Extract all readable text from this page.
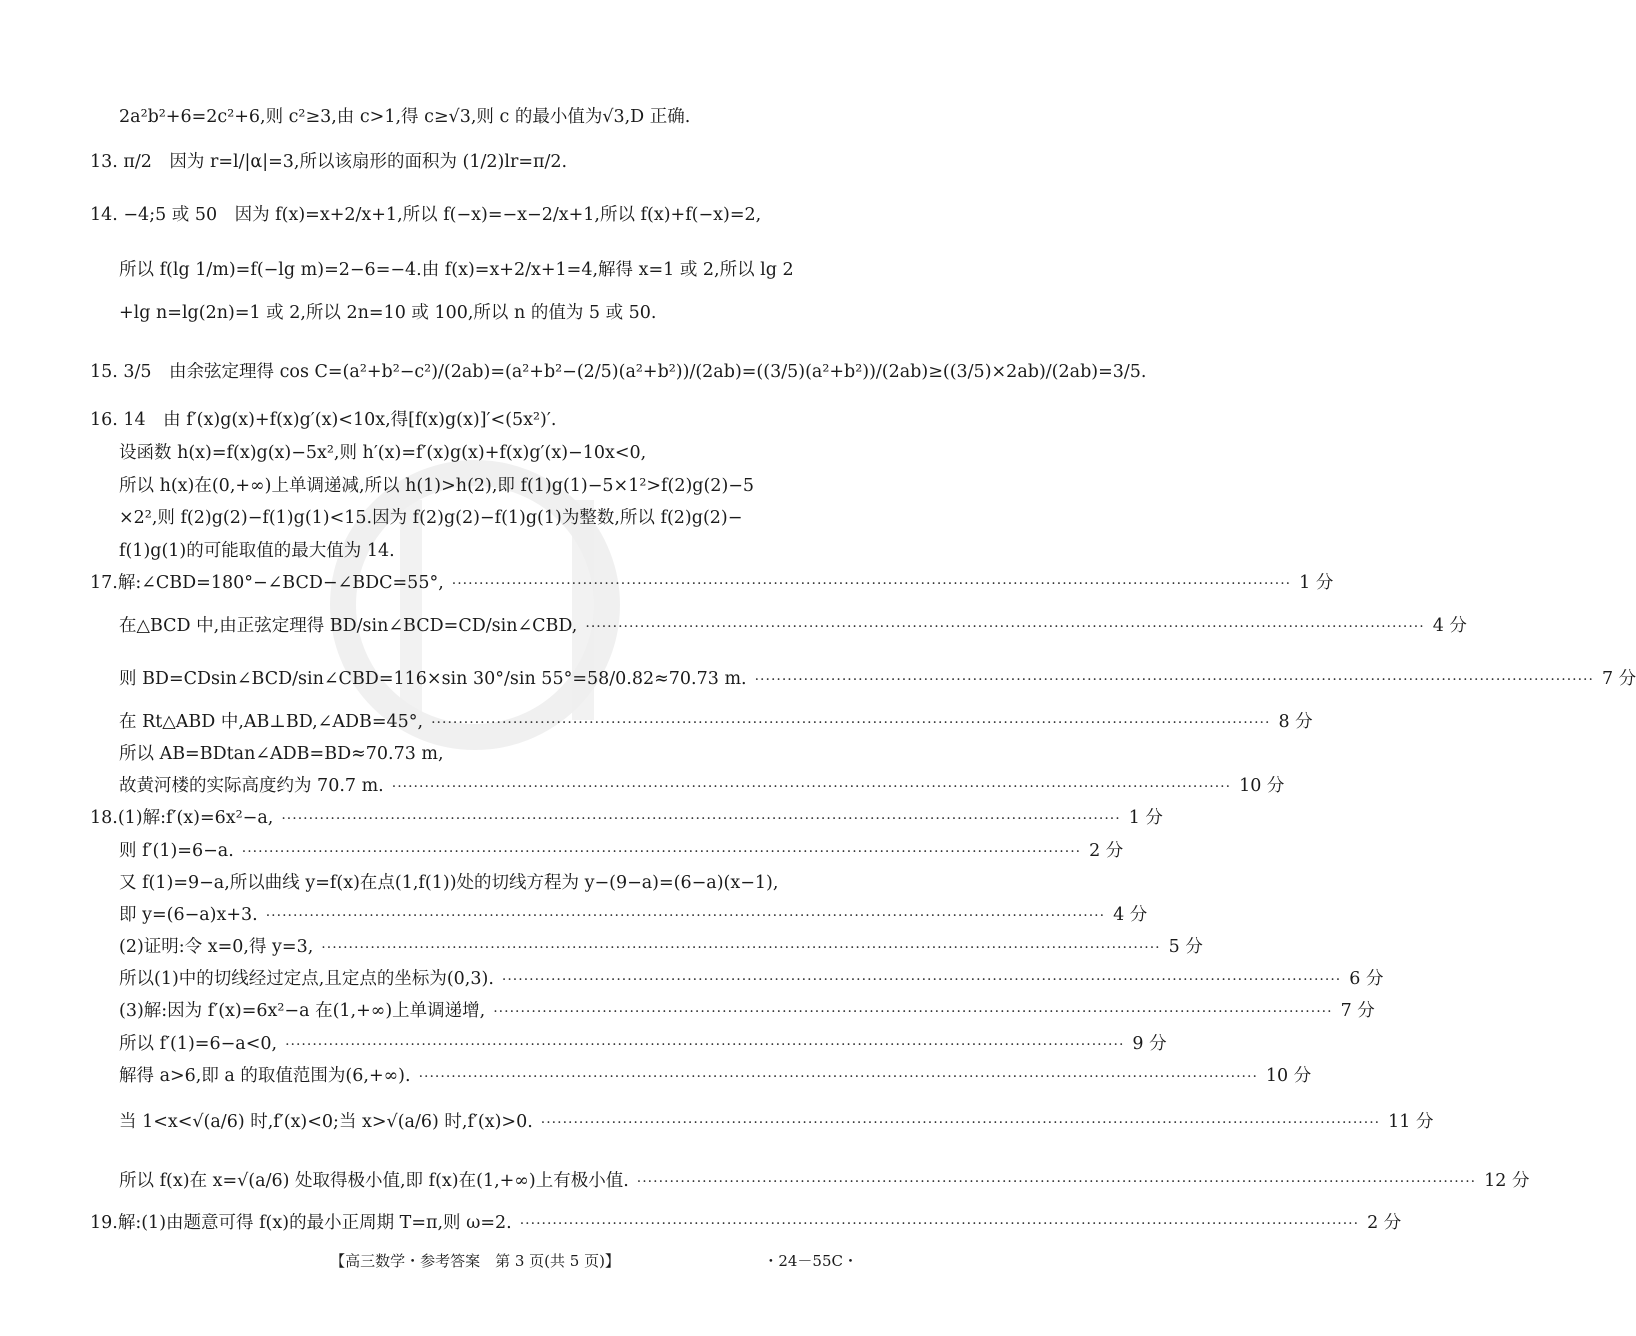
2a²b²+6=2c²+6,则 c²≥3,由 c>1,得 c≥√3,则 c 的最小值为√3,D 正确.
13. π/2　因为 r=l/|α|=3,所以该扇形的面积为 (1/2)lr=π/2.
14. −4;5 或 50　因为 f(x)=x+2/x+1,所以 f(−x)=−x−2/x+1,所以 f(x)+f(−x)=2,
所以 f(lg 1/m)=f(−lg m)=2−6=−4.由 f(x)=x+2/x+1=4,解得 x=1 或 2,所以 lg 2
+lg n=lg(2n)=1 或 2,所以 2n=10 或 100,所以 n 的值为 5 或 50.
15. 3/5　由余弦定理得 cos C=(a²+b²−c²)/(2ab)=(a²+b²−(2/5)(a²+b²))/(2ab)=((3/5)(a²+b²))/(2ab)≥((3/5)×2ab)/(2ab)=3/5.
16. 14　由 f′(x)g(x)+f(x)g′(x)<10x,得[f(x)g(x)]′<(5x²)′.
设函数 h(x)=f(x)g(x)−5x²,则 h′(x)=f′(x)g(x)+f(x)g′(x)−10x<0,
所以 h(x)在(0,+∞)上单调递减,所以 h(1)>h(2),即 f(1)g(1)−5×1²>f(2)g(2)−5
×2²,则 f(2)g(2)−f(1)g(1)<15.因为 f(2)g(2)−f(1)g(1)为整数,所以 f(2)g(2)−
f(1)g(1)的可能取值的最大值为 14.
17.解:∠CBD=180°−∠BCD−∠BDC=55°, ·····	1 分
在△BCD 中,由正弦定理得 BD/sin∠BCD=CD/sin∠CBD, ·····	4 分
则 BD=CDsin∠BCD/sin∠CBD=116×sin 30°/sin 55°=58/0.82≈70.73 m. ·····	7 分
在 Rt△ABD 中,AB⊥BD,∠ADB=45°, ·····	8 分
所以 AB=BDtan∠ADB=BD≈70.73 m,
故黄河楼的实际高度约为 70.7 m. ·····	10 分
18.(1)解:f′(x)=6x²−a, ·····	1 分
则 f′(1)=6−a. ·····	2 分
又 f(1)=9−a,所以曲线 y=f(x)在点(1,f(1))处的切线方程为 y−(9−a)=(6−a)(x−1),
即 y=(6−a)x+3. ·····	4 分
(2)证明:令 x=0,得 y=3, ·····	5 分
所以(1)中的切线经过定点,且定点的坐标为(0,3). ·····	6 分
(3)解:因为 f′(x)=6x²−a 在(1,+∞)上单调递增, ·····	7 分
所以 f′(1)=6−a<0, ·····	9 分
解得 a>6,即 a 的取值范围为(6,+∞). ·····	10 分
当 1<x<√(a/6) 时,f′(x)<0;当 x>√(a/6) 时,f′(x)>0. ·····	11 分
所以 f(x)在 x=√(a/6) 处取得极小值,即 f(x)在(1,+∞)上有极小值. ·····	12 分
19.解:(1)由题意可得 f(x)的最小正周期 T=π,则 ω=2. ·····	2 分
【高三数学・参考答案　第 3 页(共 5 页)】	・24－55C・
